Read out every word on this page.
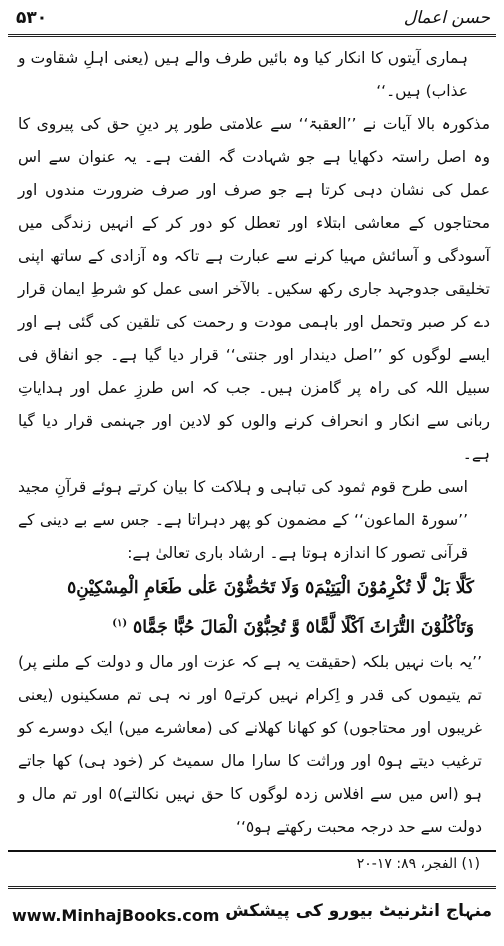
۵۳۰	حسن اعمال

ہماری آیتوں کا انکار کیا وہ بائیں طرف والے ہیں (یعنی اہلِ شقاوت و عذاب) ہیں۔‘‘

مذکورہ بالا آیات نے ’’العقبۃ‘‘ سے علامتی طور پر دینِ حق کی پیروی کا وہ اصل راستہ دکھایا ہے جو شہادت گہ الفت ہے۔ یہ عنوان سے اس عمل کی نشان دہی کرتا ہے جو صرف اور صرف ضرورت مندوں اور محتاجوں کے معاشی ابتلاء اور تعطل کو دور کر کے انہیں زندگی میں آسودگی و آسائش مہیا کرنے سے عبارت ہے تاکہ وہ آزادی کے ساتھ اپنی تخلیقی جدوجہد جاری رکھ سکیں۔ بالآخر اسی عمل کو شرطِ ایمان قرار دے کر صبر وتحمل اور باہمی مودت و رحمت کی تلقین کی گئی ہے اور ایسے لوگوں کو ’’اصل دیندار اور جنتی‘‘ قرار دیا گیا ہے۔ جو انفاق فی سبیل اللہ کی راہ پر گامزن ہیں۔ جب کہ اس طرزِ عمل اور ہدایاتِ ربانی سے انکار و انحراف کرنے والوں کو لادین اور جہنمی قرار دیا گیا ہے۔

اسی طرح قوم ثمود کی تباہی و ہلاکت کا بیان کرتے ہوئے قرآنِ مجید ’’سورۃ الماعون‘‘ کے مضمون کو پھر دہراتا ہے۔ جس سے بے دینی کے قرآنی تصور کا اندازہ ہوتا ہے۔ ارشاد باری تعالیٰ ہے:

كَلَّا بَلْ لَّا تُكْرِمُوْنَ الْيَتِيْمَ٥ وَلَا تَحٰٓضُّوْنَ عَلٰى طَعَامِ الْمِسْكِيْنِ٥

وَتَاْكُلُوْنَ التُّرَاثَ اَكْلًا لَّمًّا٥ وَّ تُحِبُّوْنَ الْمَالَ حُبًّا جَمًّا٥ $^{(١)}$

’’یہ بات نہیں بلکہ (حقیقت یہ ہے کہ عزت اور مال و دولت کے ملنے پر) تم یتیموں کی قدر و اِکرام نہیں کرتے٥ اور نہ ہی تم مسکینوں (یعنی غریبوں اور محتاجوں) کو کھانا کھلانے کی (معاشرے میں) ایک دوسرے کو ترغیب دیتے ہو٥ اور وراثت کا سارا مال سمیٹ کر (خود ہی) کھا جاتے ہو (اس میں سے افلاس زدہ لوگوں کا حق نہیں نکالتے)٥ اور تم مال و دولت سے حد درجہ محبت رکھتے ہو٥‘‘

(١) الفجر، ٨٩: ١٧-٢٠
www.MinhajBooks.com منہاج انٹرنیٹ بیورو کی پیشکش
